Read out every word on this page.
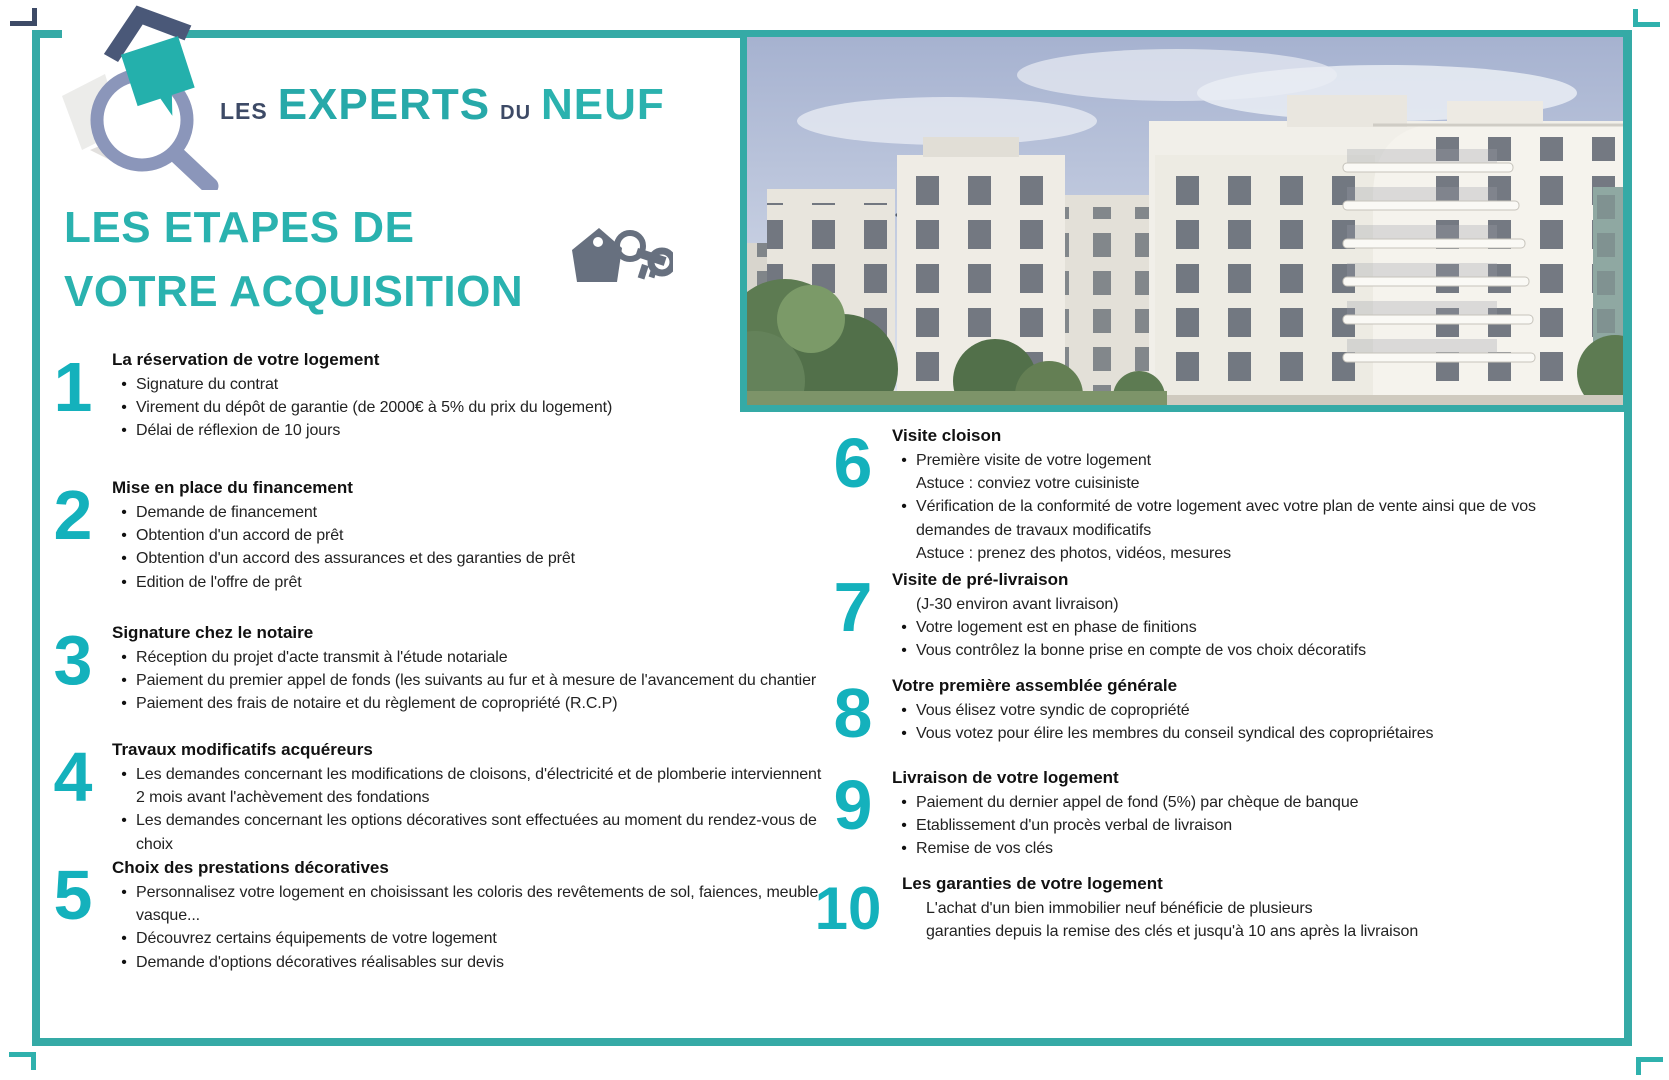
LES EXPERTS DU NEUF
LES ETAPES DE
VOTRE ACQUISITION
1	La réservation de votre logement
• Signature du contrat
• Virement du dépôt de garantie (de 2000€ à 5% du prix du logement)
• Délai de réflexion de 10 jours
2	Mise en place du financement
• Demande de financement
• Obtention d'un accord de prêt
• Obtention d'un accord des assurances et des garanties de prêt
• Edition de l'offre de prêt
3	Signature chez le notaire
• Réception du projet d'acte transmit à l'étude notariale
• Paiement du premier appel de fonds (les suivants au fur et à mesure de l'avancement du chantier
• Paiement des frais de notaire et du règlement de copropriété (R.C.P)
4	Travaux modificatifs acquéreurs
• Les demandes concernant les modifications de cloisons, d'électricité et de plomberie interviennent 2 mois avant l'achèvement des fondations
• Les demandes concernant les options décoratives sont effectuées au moment du rendez-vous de choix
5	Choix des prestations décoratives
• Personnalisez votre logement en choisissant les coloris des revêtements de sol, faiences, meuble vasque...
• Découvrez certains équipements de votre logement
• Demande d'options décoratives réalisables sur devis
6	Visite cloison
• Première visite de votre logement
Astuce : conviez votre cuisiniste
• Vérification de la conformité de votre logement avec votre plan de vente ainsi que de vos demandes de travaux modificatifs
Astuce : prenez des photos, vidéos, mesures
7	Visite de pré-livraison
(J-30 environ avant livraison)
• Votre logement est en phase de finitions
• Vous contrôlez la bonne prise en compte de vos choix décoratifs
8	Votre première assemblée générale
• Vous élisez votre syndic de copropriété
• Vous votez pour élire les membres du conseil syndical des copropriétaires
9	Livraison de votre logement
• Paiement du dernier appel de fond (5%) par chèque de banque
• Etablissement d'un procès verbal de livraison
• Remise de vos clés
10	Les garanties de votre logement
L'achat d'un bien immobilier neuf bénéficie de plusieurs
garanties depuis la remise des clés et jusqu'à 10 ans après la livraison
